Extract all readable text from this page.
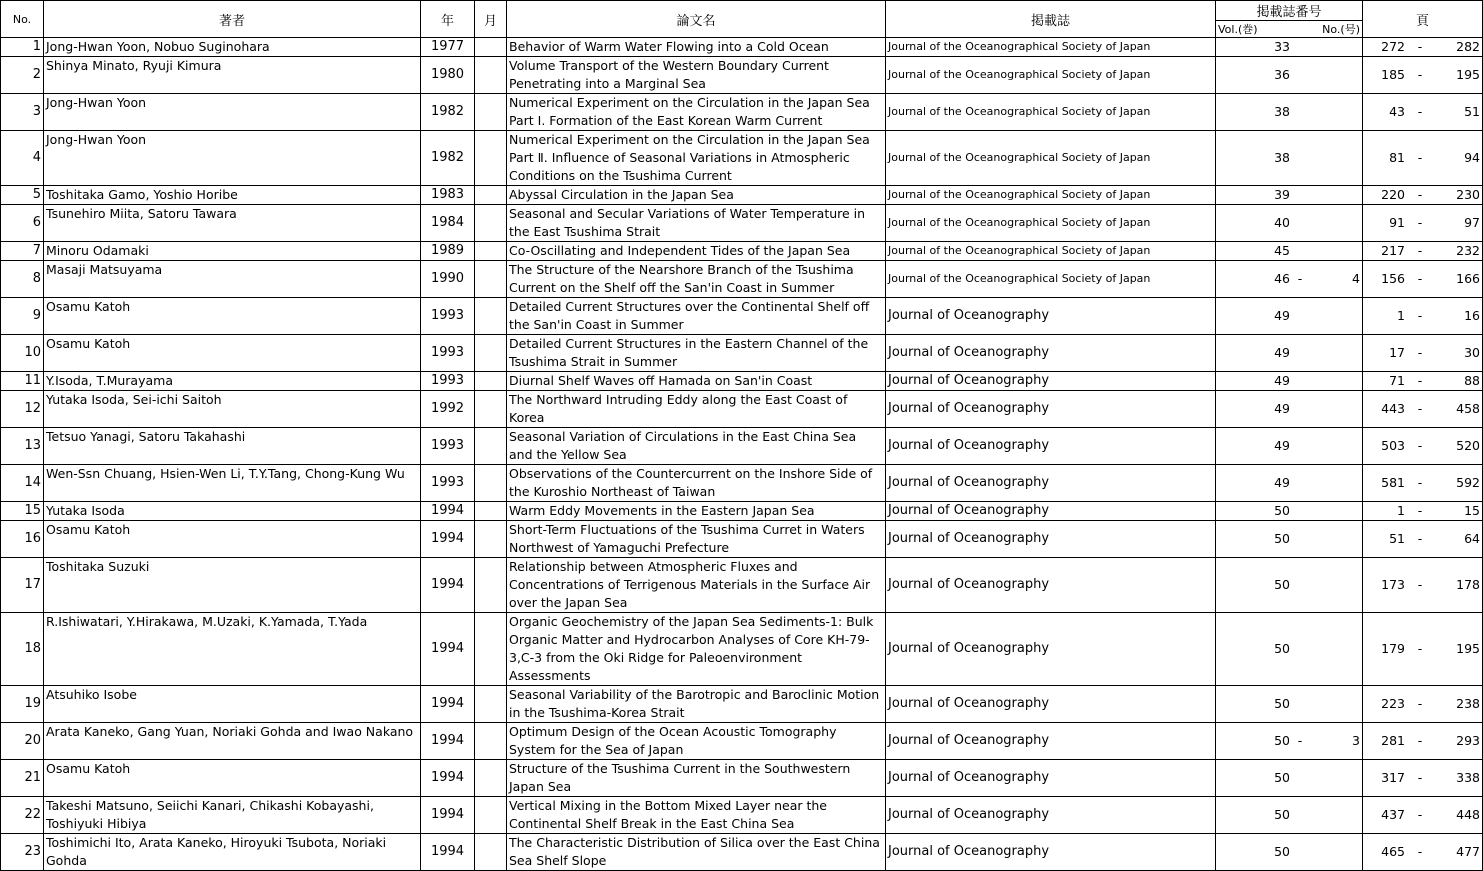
No.	著者	年	月	論文名	掲載誌	掲載誌番号	頁

						Vol.(巻) No.(号)	

1	Jong-Hwan Yoon, Nobuo Suginohara	1977		Behavior of Warm Water Flowing into a Cold Ocean	Journal of the Oceanographical Society of Japan	33	272 - 282

2	Shinya Minato, Ryuji Kimura	1980		Volume Transport of the Western Boundary Current Penetrating into a Marginal Sea	Journal of the Oceanographical Society of Japan	36	185 - 195

3	Jong-Hwan Yoon	1982		Numerical Experiment on the Circulation in the Japan Sea Part Ⅰ. Formation of the East Korean Warm Current	Journal of the Oceanographical Society of Japan	38	43 - 51

4	Jong-Hwan Yoon	1982		Numerical Experiment on the Circulation in the Japan Sea Part Ⅱ. Influence of Seasonal Variations in Atmospheric Conditions on the Tsushima Current	Journal of the Oceanographical Society of Japan	38	81 - 94

5	Toshitaka Gamo, Yoshio Horibe	1983		Abyssal Circulation in the Japan Sea	Journal of the Oceanographical Society of Japan	39	220 - 230

6	Tsunehiro Miita, Satoru Tawara	1984		Seasonal and Secular Variations of Water Temperature in the East Tsushima Strait	Journal of the Oceanographical Society of Japan	40	91 - 97

7	Minoru Odamaki	1989		Co-Oscillating and Independent Tides of the Japan Sea	Journal of the Oceanographical Society of Japan	45	217 - 232

8	Masaji Matsuyama	1990		The Structure of the Nearshore Branch of the Tsushima Current on the Shelf off the San'in Coast in Summer	Journal of the Oceanographical Society of Japan	46 - 4	156 - 166

9	Osamu Katoh	1993		Detailed Current Structures over the Continental Shelf off the San'in Coast in Summer	Journal of Oceanography	49	1 - 16

10	Osamu Katoh	1993		Detailed Current Structures in the Eastern Channel of the Tsushima Strait in Summer	Journal of Oceanography	49	17 - 30

11	Y.Isoda, T.Murayama	1993		Diurnal Shelf Waves off Hamada on San'in Coast	Journal of Oceanography	49	71 - 88

12	Yutaka Isoda, Sei-ichi Saitoh	1992		The Northward Intruding Eddy along the East Coast of Korea	Journal of Oceanography	49	443 - 458

13	Tetsuo Yanagi, Satoru Takahashi	1993		Seasonal Variation of Circulations in the East China Sea and the Yellow Sea	Journal of Oceanography	49	503 - 520

14	Wen-Ssn Chuang, Hsien-Wen Li, T.Y.Tang, Chong-Kung Wu	1993		Observations of the Countercurrent on the Inshore Side of the Kuroshio Northeast of Taiwan	Journal of Oceanography	49	581 - 592

15	Yutaka Isoda	1994		Warm Eddy Movements in the Eastern Japan Sea	Journal of Oceanography	50	1 - 15

16	Osamu Katoh	1994		Short-Term Fluctuations of the Tsushima Curret in Waters Northwest of Yamaguchi Prefecture	Journal of Oceanography	50	51 - 64

17	Toshitaka Suzuki	1994		Relationship between Atmospheric Fluxes and Concentrations of Terrigenous Materials in the Surface Air over the Japan Sea	Journal of Oceanography	50	173 - 178

18	R.Ishiwatari, Y.Hirakawa, M.Uzaki, K.Yamada, T.Yada	1994		Organic Geochemistry of the Japan Sea Sediments-1: Bulk Organic Matter and Hydrocarbon Analyses of Core KH-79-3,C-3 from the Oki Ridge for Paleoenvironment Assessments	Journal of Oceanography	50	179 - 195

19	Atsuhiko Isobe	1994		Seasonal Variability of the Barotropic and Baroclinic Motion in the Tsushima-Korea Strait	Journal of Oceanography	50	223 - 238

20	Arata Kaneko, Gang Yuan, Noriaki Gohda and Iwao Nakano	1994		Optimum Design of the Ocean Acoustic Tomography System for the Sea of Japan	Journal of Oceanography	50 - 3	281 - 293

21	Osamu Katoh	1994		Structure of the Tsushima Current in the Southwestern Japan Sea	Journal of Oceanography	50	317 - 338

22	Takeshi Matsuno, Seiichi Kanari, Chikashi Kobayashi, Toshiyuki Hibiya	1994		Vertical Mixing in the Bottom Mixed Layer near the Continental Shelf Break in the East China Sea	Journal of Oceanography	50	437 - 448

23	Toshimichi Ito, Arata Kaneko, Hiroyuki Tsubota, Noriaki Gohda	1994		The Characteristic Distribution of Silica over the East China Sea Shelf Slope	Journal of Oceanography	50	465 - 477
